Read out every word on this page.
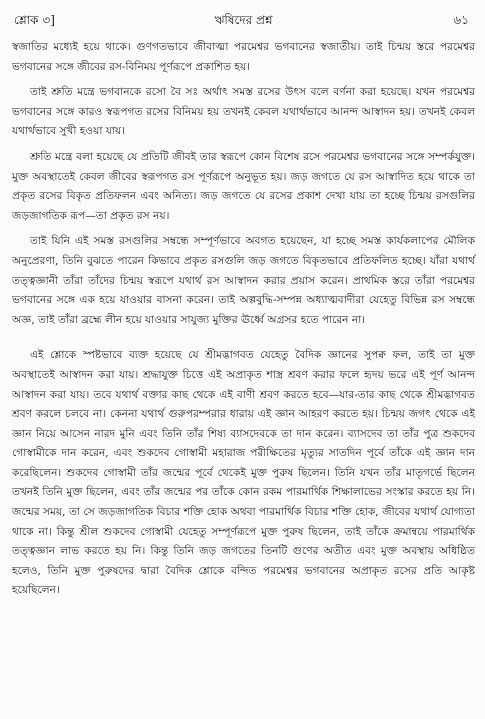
শ্লোক ৩]	ঋষিদের প্রশ্ন	৬১

স্বজাতির মধ্যেই হয়ে থাকে। গুণগতভাবে জীবাত্মা পরমেশ্বর ভগবানের স্বজাতীয়। তাই চিন্ময় স্তরে পরমেশ্বর ভগবানের সঙ্গে জীবের রস-বিনিময় পূর্ণরূপে প্রকাশিত হয়।

তাই শ্রুতি মন্ত্রে ভগবানকে রসো বৈ সঃ অর্থাৎ সমস্ত রসের উৎস বলে বর্ণনা করা হয়েছে। যখন পরমেশ্বর ভগবানের সঙ্গে কারও স্বরূপগত রসের বিনিময় হয় তখনই কেবল যথার্থভাবে আনন্দ আস্বাদন হয়। তখনই কেবল যথার্থভাবে সুখী হওয়া যায়।

শ্রুতি মন্ত্রে বলা হয়েছে যে প্রতিটি জীবই তার স্বরূপে কোন বিশেষ রসে পরমেশ্বর ভগবানের সঙ্গে সম্পর্কযুক্ত। মুক্ত অবস্থাতেই কেবল জীবের স্বরূপগত রস পূর্ণরূপে অনুভূত হয়। জড় জগতে যে রস আস্বাদিত হয়ে থাকে তা প্রকৃত রসের বিকৃত প্রতিফলন এবং অনিত্য। জড় জগতে যে রসের প্রকাশ দেখা যায় তা হচ্ছে চিন্ময় রসগুলির জড়জাগতিক রূপ—তা প্রকৃত রস নয়।

তাই যিনি এই সমস্ত রসগুলির সম্বন্ধে সম্পূর্ণভাবে অবগত হয়েছেন, যা হচ্ছে সমস্ত কার্যকলাপের মৌলিক অনুপ্রেরণা, তিনি বুঝতে পারেন কিভাবে প্রকৃত রসগুলি জড় জগতে বিকৃতভাবে প্রতিফলিত হচ্ছে। যাঁরা যথার্থ তত্ত্বজ্ঞানী তাঁরা তাঁদের চিন্ময় স্বরূপে যথার্থ রস আস্বাদন করার প্রয়াস করেন। প্রাথমিক স্তরে তাঁরা পরমেশ্বর ভগবানের সঙ্গে এক হয়ে যাওয়ার বাসনা করেন। তাই অল্পবুদ্ধি-সম্পন্ন অধ্যাত্মবাদীরা যেহেতু বিভিন্ন রস সম্বন্ধে অজ্ঞ, তাই তাঁরা ব্রহ্মে লীন হয়ে যাওয়ার সাযুজ্য মুক্তির ঊর্ধ্বে অগ্রসর হতে পারেন না।

এই শ্লোকে স্পষ্টভাবে ব্যক্ত হয়েছে যে শ্রীমদ্ভাগবত যেহেতু বৈদিক জ্ঞানের সুপক্ব ফল, তাই তা মুক্ত অবস্থাতেই আস্বাদন করা যায়। শ্রদ্ধাযুক্ত চিত্তে এই অপ্রাকৃত শাস্ত্র শ্রবণ করার ফলে হৃদয় ভরে এই পূর্ণ আনন্দ আস্বাদন করা যায়। তবে যথার্থ বক্তার কাছ থেকে এই বাণী শ্রবণ করতে হবে—যার-তার কাছ থেকে শ্রীমদ্ভাগবত শ্রবণ করলে চলবে না। কেননা যথার্থ গুরুপরম্পরার ধারায় এই জ্ঞান আহরণ করতে হয়। চিন্ময় জগৎ থেকে এই জ্ঞান নিয়ে আসেন নারদ মুনি এবং তিনি তাঁর শিষ্য ব্যাসদেবকে তা দান করেন। ব্যাসদেব তা তাঁর পুত্র শুকদেব গোস্বামীকে দান করেন, এবং শুকদেব গোস্বামী মহারাজ পরীক্ষিতের মৃত্যুর সাতদিন পূর্বে তাঁকে এই জ্ঞান দান করেছিলেন। শুকদেব গোস্বামী তাঁর জন্মের পূর্বে থেকেই মুক্ত পুরুষ ছিলেন। তিনি যখন তাঁর মাতৃগর্ভে ছিলেন তখনই তিনি মুক্ত ছিলেন, এবং তাঁর জন্মের পর তাঁকে কোন রকম পারমার্থিক শিক্ষালাভের সংস্কার করতে হয় নি। জন্মের সময়, তা সে জড়জাগতিক বিচার শক্তি হোক অথবা পারমার্থিক বিচার শক্তি হোক, জীবের যথার্থ যোগ্যতা থাকে না। কিন্তু শ্রীল শুকদেব গোস্বামী যেহেতু সম্পূর্ণরূপে মুক্ত পুরুষ ছিলেন, তাই তাঁকে ক্রমান্বয়ে পারমার্থিক তত্ত্বজ্ঞান লাভ করতে হয় নি। কিন্তু তিনি জড় জগতের তিনটি গুণের অতীত এবং মুক্ত অবস্থায় অধিষ্ঠিত হলেও, তিনি মুক্ত পুরুষদের দ্বারা বৈদিক শ্লোকে বন্দিত পরমেশ্বর ভগবানের অপ্রাকৃত রসের প্রতি আকৃষ্ট হয়েছিলেন।
